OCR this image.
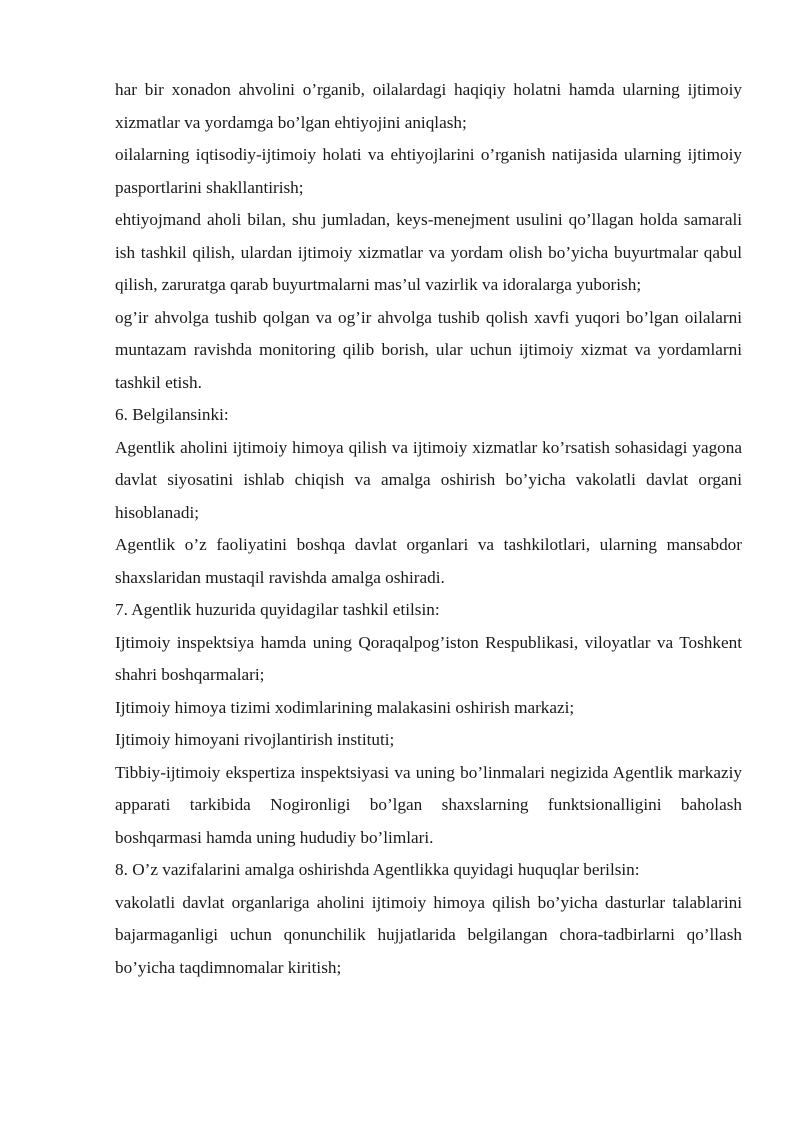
har bir xonadon ahvolini o’rganib, oilalardagi haqiqiy holatni hamda ularning ijtimoiy xizmatlar va yordamga bo’lgan ehtiyojini aniqlash;

oilalarning iqtisodiy-ijtimoiy holati va ehtiyojlarini o’rganish natijasida ularning ijtimoiy pasportlarini shakllantirish;

ehtiyojmand aholi bilan, shu jumladan, keys-menejment usulini qo’llagan holda samarali ish tashkil qilish, ulardan ijtimoiy xizmatlar va yordam olish bo’yicha buyurtmalar qabul qilish, zaruratga qarab buyurtmalarni mas’ul vazirlik va idoralarga yuborish;

og’ir ahvolga tushib qolgan va og’ir ahvolga tushib qolish xavfi yuqori bo’lgan oilalarni muntazam ravishda monitoring qilib borish, ular uchun ijtimoiy xizmat va yordamlarni tashkil etish.

6. Belgilansinki:

Agentlik aholini ijtimoiy himoya qilish va ijtimoiy xizmatlar ko’rsatish sohasidagi yagona davlat siyosatini ishlab chiqish va amalga oshirish bo’yicha vakolatli davlat organi hisoblanadi;

Agentlik o’z faoliyatini boshqa davlat organlari va tashkilotlari, ularning mansabdor shaxslaridan mustaqil ravishda amalga oshiradi.

7. Agentlik huzurida quyidagilar tashkil etilsin:

Ijtimoiy inspektsiya hamda uning Qoraqalpog’iston Respublikasi, viloyatlar va Toshkent shahri boshqarmalari;

Ijtimoiy himoya tizimi xodimlarining malakasini oshirish markazi;

Ijtimoiy himoyani rivojlantirish instituti;

Tibbiy-ijtimoiy ekspertiza inspektsiyasi va uning bo’linmalari negizida Agentlik markaziy apparati tarkibida Nogironligi bo’lgan shaxslarning funktsionalligini baholash boshqarmasi hamda uning hududiy bo’limlari.

8. O’z vazifalarini amalga oshirishda Agentlikka quyidagi huquqlar berilsin:

vakolatli davlat organlariga aholini ijtimoiy himoya qilish bo’yicha dasturlar talablarini bajarmaganligi uchun qonunchilik hujjatlarida belgilangan chora-tadbirlarni qo’llash bo’yicha taqdimnomalar kiritish;
